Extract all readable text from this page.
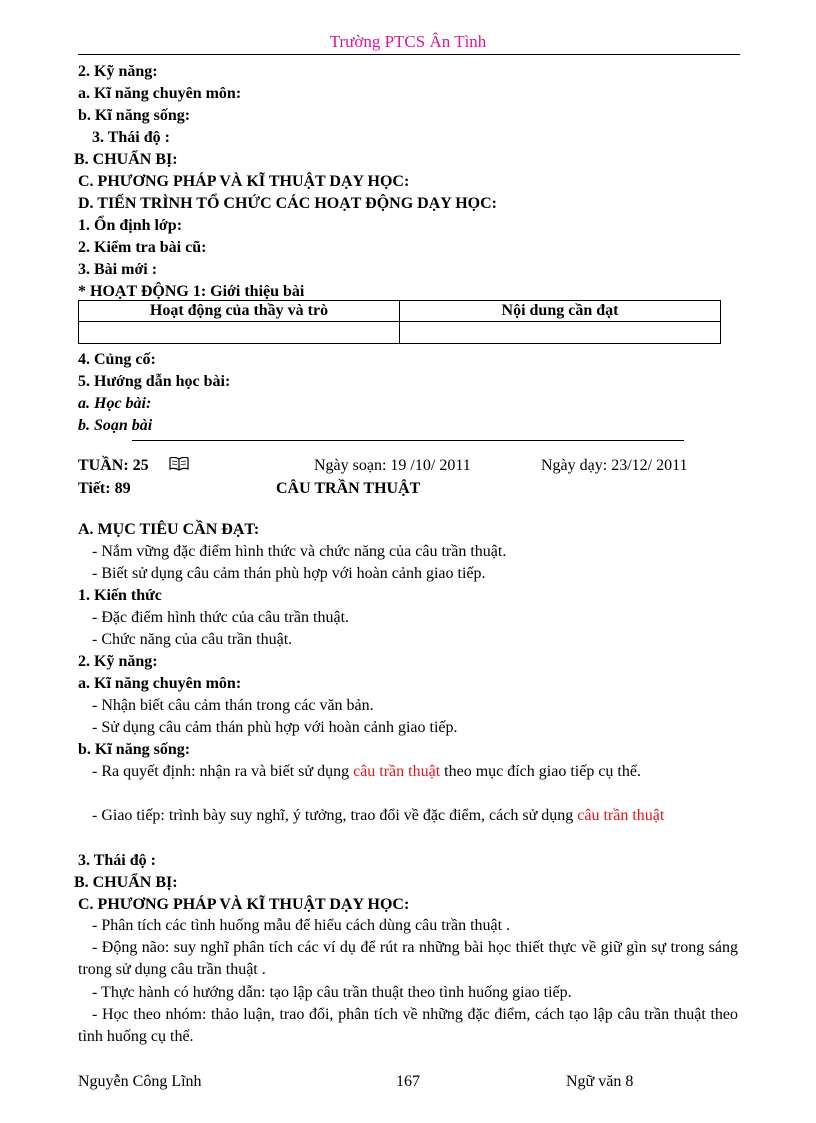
Trường PTCS Ân Tình
2. Kỹ năng:
a. Kĩ năng chuyên môn:
b. Kĩ năng sống:
3. Thái độ :
B. CHUẨN BỊ:
C. PHƯƠNG PHÁP VÀ KĨ THUẬT DẠY HỌC:
D. TIẾN TRÌNH TỔ CHỨC CÁC HOẠT ĐỘNG DẠY HỌC:
1. Ổn định lớp:
2. Kiểm tra bài cũ:
3. Bài mới :
* HOẠT ĐỘNG 1: Giới thiệu bài
Hoạt động của thầy và trò	Nội dung cần đạt

4. Củng cố:
5. Hướng dẫn học bài:
a. Học bài:
b. Soạn bài
TUẦN: 25	Ngày soạn: 19 /10/ 2011	Ngày dạy: 23/12/ 2011
Tiết: 89	CÂU TRẦN THUẬT
A. MỤC TIÊU CẦN ĐẠT:
- Nắm vững đặc điểm hình thức và chức năng của câu trần thuật.
- Biết sử dụng câu cảm thán phù hợp với hoàn cảnh giao tiếp.
1. Kiến thức
- Đặc điểm hình thức của câu trần thuật.
- Chức năng của câu trần thuật.
2. Kỹ năng:
a. Kĩ năng chuyên môn:
- Nhận biết câu cảm thán trong các văn bản.
- Sử dụng câu cảm thán phù hợp với hoàn cảnh giao tiếp.
b. Kĩ năng sống:
- Ra quyết định: nhận ra và biết sử dụng câu trần thuật theo mục đích giao tiếp cụ thể.
- Giao tiếp: trình bày suy nghĩ, ý tưởng, trao đổi về đặc điểm, cách sử dụng câu trần thuật
3. Thái độ :
B. CHUẨN BỊ:
C. PHƯƠNG PHÁP VÀ KĨ THUẬT DẠY HỌC:
- Phân tích các tình huống mẫu để hiểu cách dùng câu trần thuật .
- Động não: suy nghĩ phân tích các ví dụ để rút ra những bài học thiết thực về giữ gìn sự trong sáng trong sử dụng câu trần thuật .
- Thực hành có hướng dẫn: tạo lập câu trần thuật theo tình huống giao tiếp.
- Học theo nhóm: thảo luận, trao đổi, phân tích về những đặc điểm, cách tạo lập câu trần thuật theo tình huống cụ thể.
Nguyễn Công Lĩnh	167	Ngữ văn 8
